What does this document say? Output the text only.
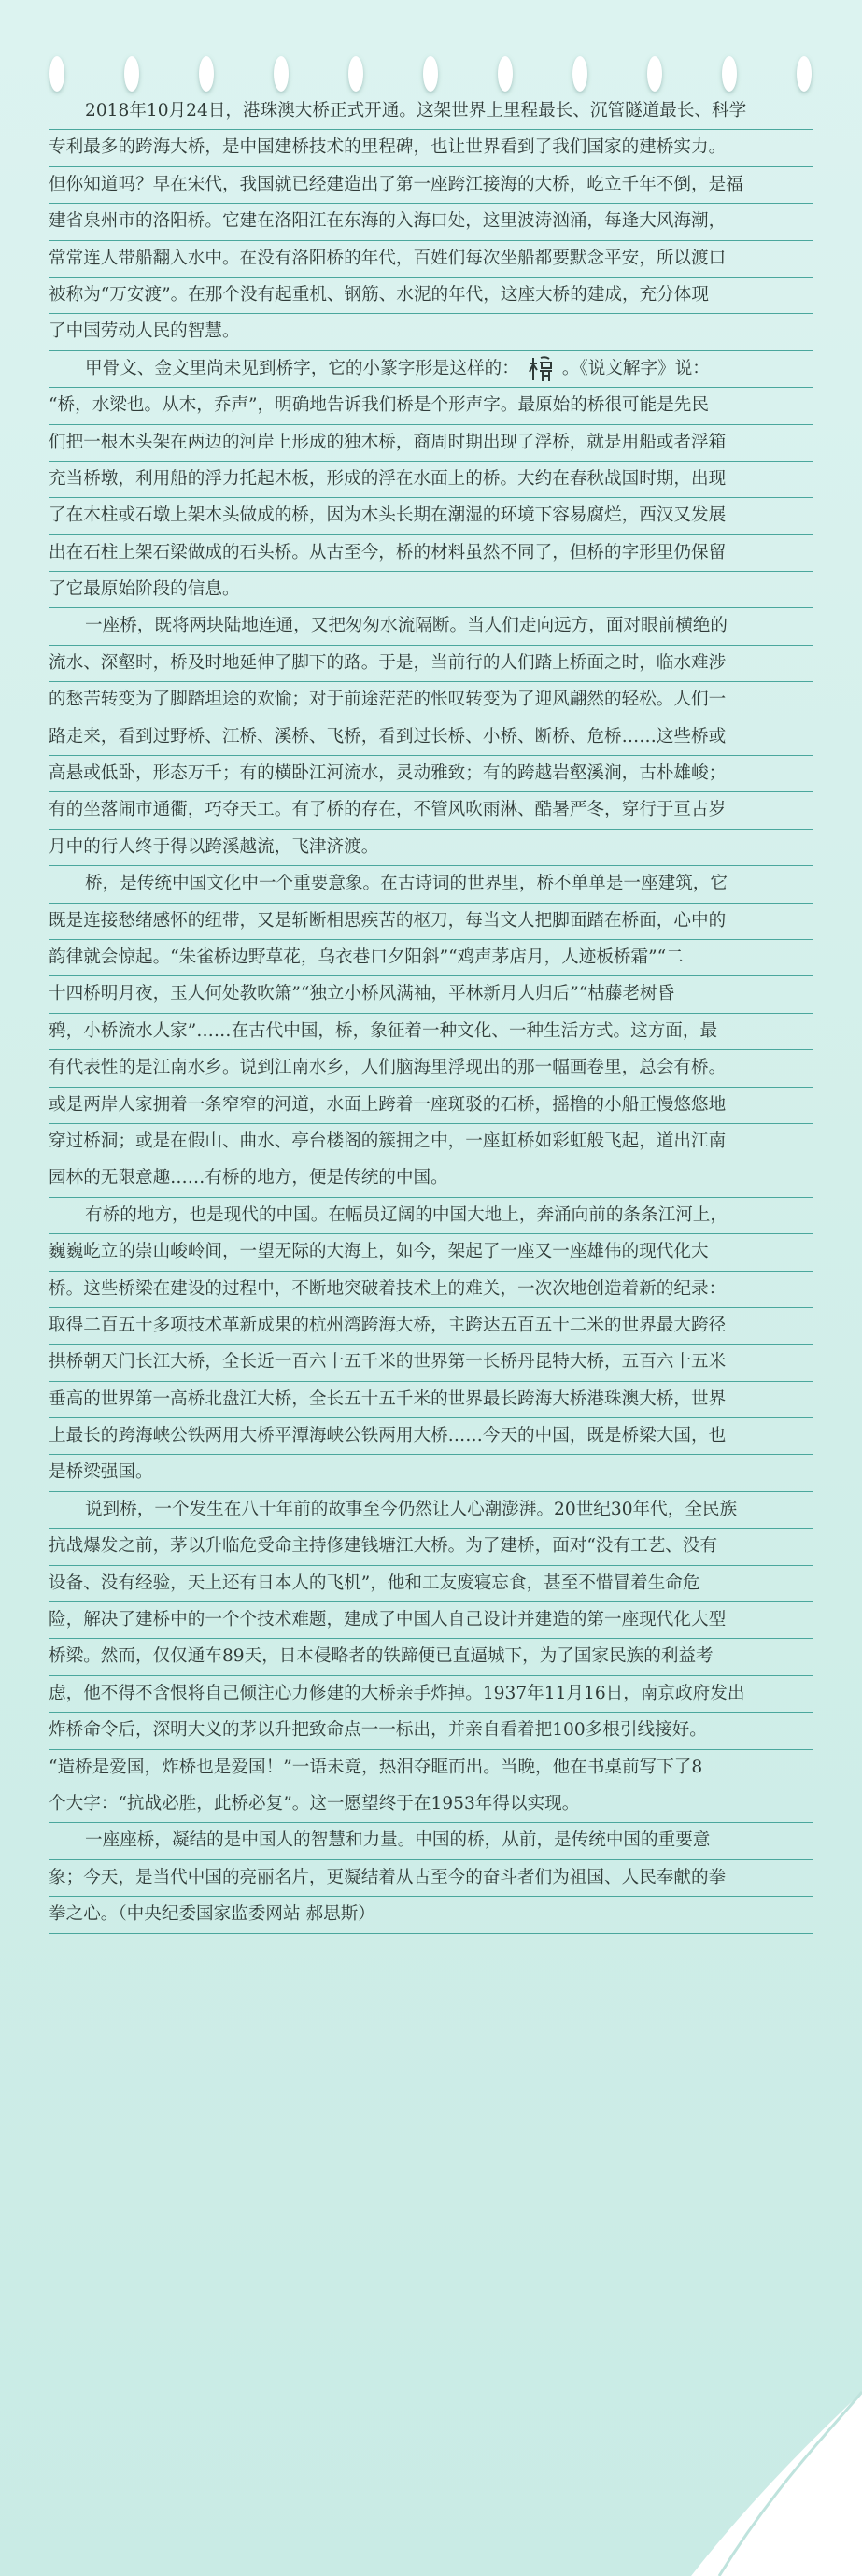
2018年10月24日，港珠澳大桥正式开通。这架世界上里程最长、沉管隧道最长、科学
专利最多的跨海大桥，是中国建桥技术的里程碑，也让世界看到了我们国家的建桥实力。
但你知道吗？早在宋代，我国就已经建造出了第一座跨江接海的大桥，屹立千年不倒，是福
建省泉州市的洛阳桥。它建在洛阳江在东海的入海口处，这里波涛汹涌，每逢大风海潮，
常常连人带船翻入水中。在没有洛阳桥的年代，百姓们每次坐船都要默念平安，所以渡口
被称为“万安渡”。在那个没有起重机、钢筋、水泥的年代，这座大桥的建成，充分体现
了中国劳动人民的智慧。
甲骨文、金文里尚未见到桥字，它的小篆字形是这样的： 。《说文解字》说：
“桥，水梁也。从木，乔声”，明确地告诉我们桥是个形声字。最原始的桥很可能是先民
们把一根木头架在两边的河岸上形成的独木桥，商周时期出现了浮桥，就是用船或者浮箱
充当桥墩，利用船的浮力托起木板，形成的浮在水面上的桥。大约在春秋战国时期，出现
了在木柱或石墩上架木头做成的桥，因为木头长期在潮湿的环境下容易腐烂，西汉又发展
出在石柱上架石梁做成的石头桥。从古至今，桥的材料虽然不同了，但桥的字形里仍保留
了它最原始阶段的信息。
一座桥，既将两块陆地连通，又把匆匆水流隔断。当人们走向远方，面对眼前横绝的
流水、深壑时，桥及时地延伸了脚下的路。于是，当前行的人们踏上桥面之时，临水难涉
的愁苦转变为了脚踏坦途的欢愉；对于前途茫茫的怅叹转变为了迎风翩然的轻松。人们一
路走来，看到过野桥、江桥、溪桥、飞桥，看到过长桥、小桥、断桥、危桥……这些桥或
高悬或低卧，形态万千；有的横卧江河流水，灵动雅致；有的跨越岩壑溪涧，古朴雄峻；
有的坐落闹市通衢，巧夺天工。有了桥的存在，不管风吹雨淋、酷暑严冬，穿行于亘古岁
月中的行人终于得以跨溪越流，飞津济渡。
桥，是传统中国文化中一个重要意象。在古诗词的世界里，桥不单单是一座建筑，它
既是连接愁绪感怀的纽带，又是斩断相思疾苦的枢刀，每当文人把脚面踏在桥面，心中的
韵律就会惊起。“朱雀桥边野草花，乌衣巷口夕阳斜”“鸡声茅店月，人迹板桥霜”“二
十四桥明月夜，玉人何处教吹箫”“独立小桥风满袖，平林新月人归后”“枯藤老树昏
鸦，小桥流水人家”……在古代中国，桥，象征着一种文化、一种生活方式。这方面，最
有代表性的是江南水乡。说到江南水乡，人们脑海里浮现出的那一幅画卷里，总会有桥。
或是两岸人家拥着一条窄窄的河道，水面上跨着一座斑驳的石桥，摇橹的小船正慢悠悠地
穿过桥洞；或是在假山、曲水、亭台楼阁的簇拥之中，一座虹桥如彩虹般飞起，道出江南
园林的无限意趣……有桥的地方，便是传统的中国。
有桥的地方，也是现代的中国。在幅员辽阔的中国大地上，奔涌向前的条条江河上，
巍巍屹立的崇山峻岭间，一望无际的大海上，如今，架起了一座又一座雄伟的现代化大
桥。这些桥梁在建设的过程中，不断地突破着技术上的难关，一次次地创造着新的纪录：
取得二百五十多项技术革新成果的杭州湾跨海大桥，主跨达五百五十二米的世界最大跨径
拱桥朝天门长江大桥，全长近一百六十五千米的世界第一长桥丹昆特大桥，五百六十五米
垂高的世界第一高桥北盘江大桥，全长五十五千米的世界最长跨海大桥港珠澳大桥，世界
上最长的跨海峡公铁两用大桥平潭海峡公铁两用大桥……今天的中国，既是桥梁大国，也
是桥梁强国。
说到桥，一个发生在八十年前的故事至今仍然让人心潮澎湃。20世纪30年代，全民族
抗战爆发之前，茅以升临危受命主持修建钱塘江大桥。为了建桥，面对“没有工艺、没有
设备、没有经验，天上还有日本人的飞机”，他和工友废寝忘食，甚至不惜冒着生命危
险，解决了建桥中的一个个技术难题，建成了中国人自己设计并建造的第一座现代化大型
桥梁。然而，仅仅通车89天，日本侵略者的铁蹄便已直逼城下，为了国家民族的利益考
虑，他不得不含恨将自己倾注心力修建的大桥亲手炸掉。1937年11月16日，南京政府发出
炸桥命令后，深明大义的茅以升把致命点一一标出，并亲自看着把100多根引线接好。
“造桥是爱国，炸桥也是爱国！”一语未竟，热泪夺眶而出。当晚，他在书桌前写下了8
个大字：“抗战必胜，此桥必复”。这一愿望终于在1953年得以实现。
一座座桥，凝结的是中国人的智慧和力量。中国的桥，从前，是传统中国的重要意
象；今天，是当代中国的亮丽名片，更凝结着从古至今的奋斗者们为祖国、人民奉献的拳
拳之心。（中央纪委国家监委网站 郝思斯）
